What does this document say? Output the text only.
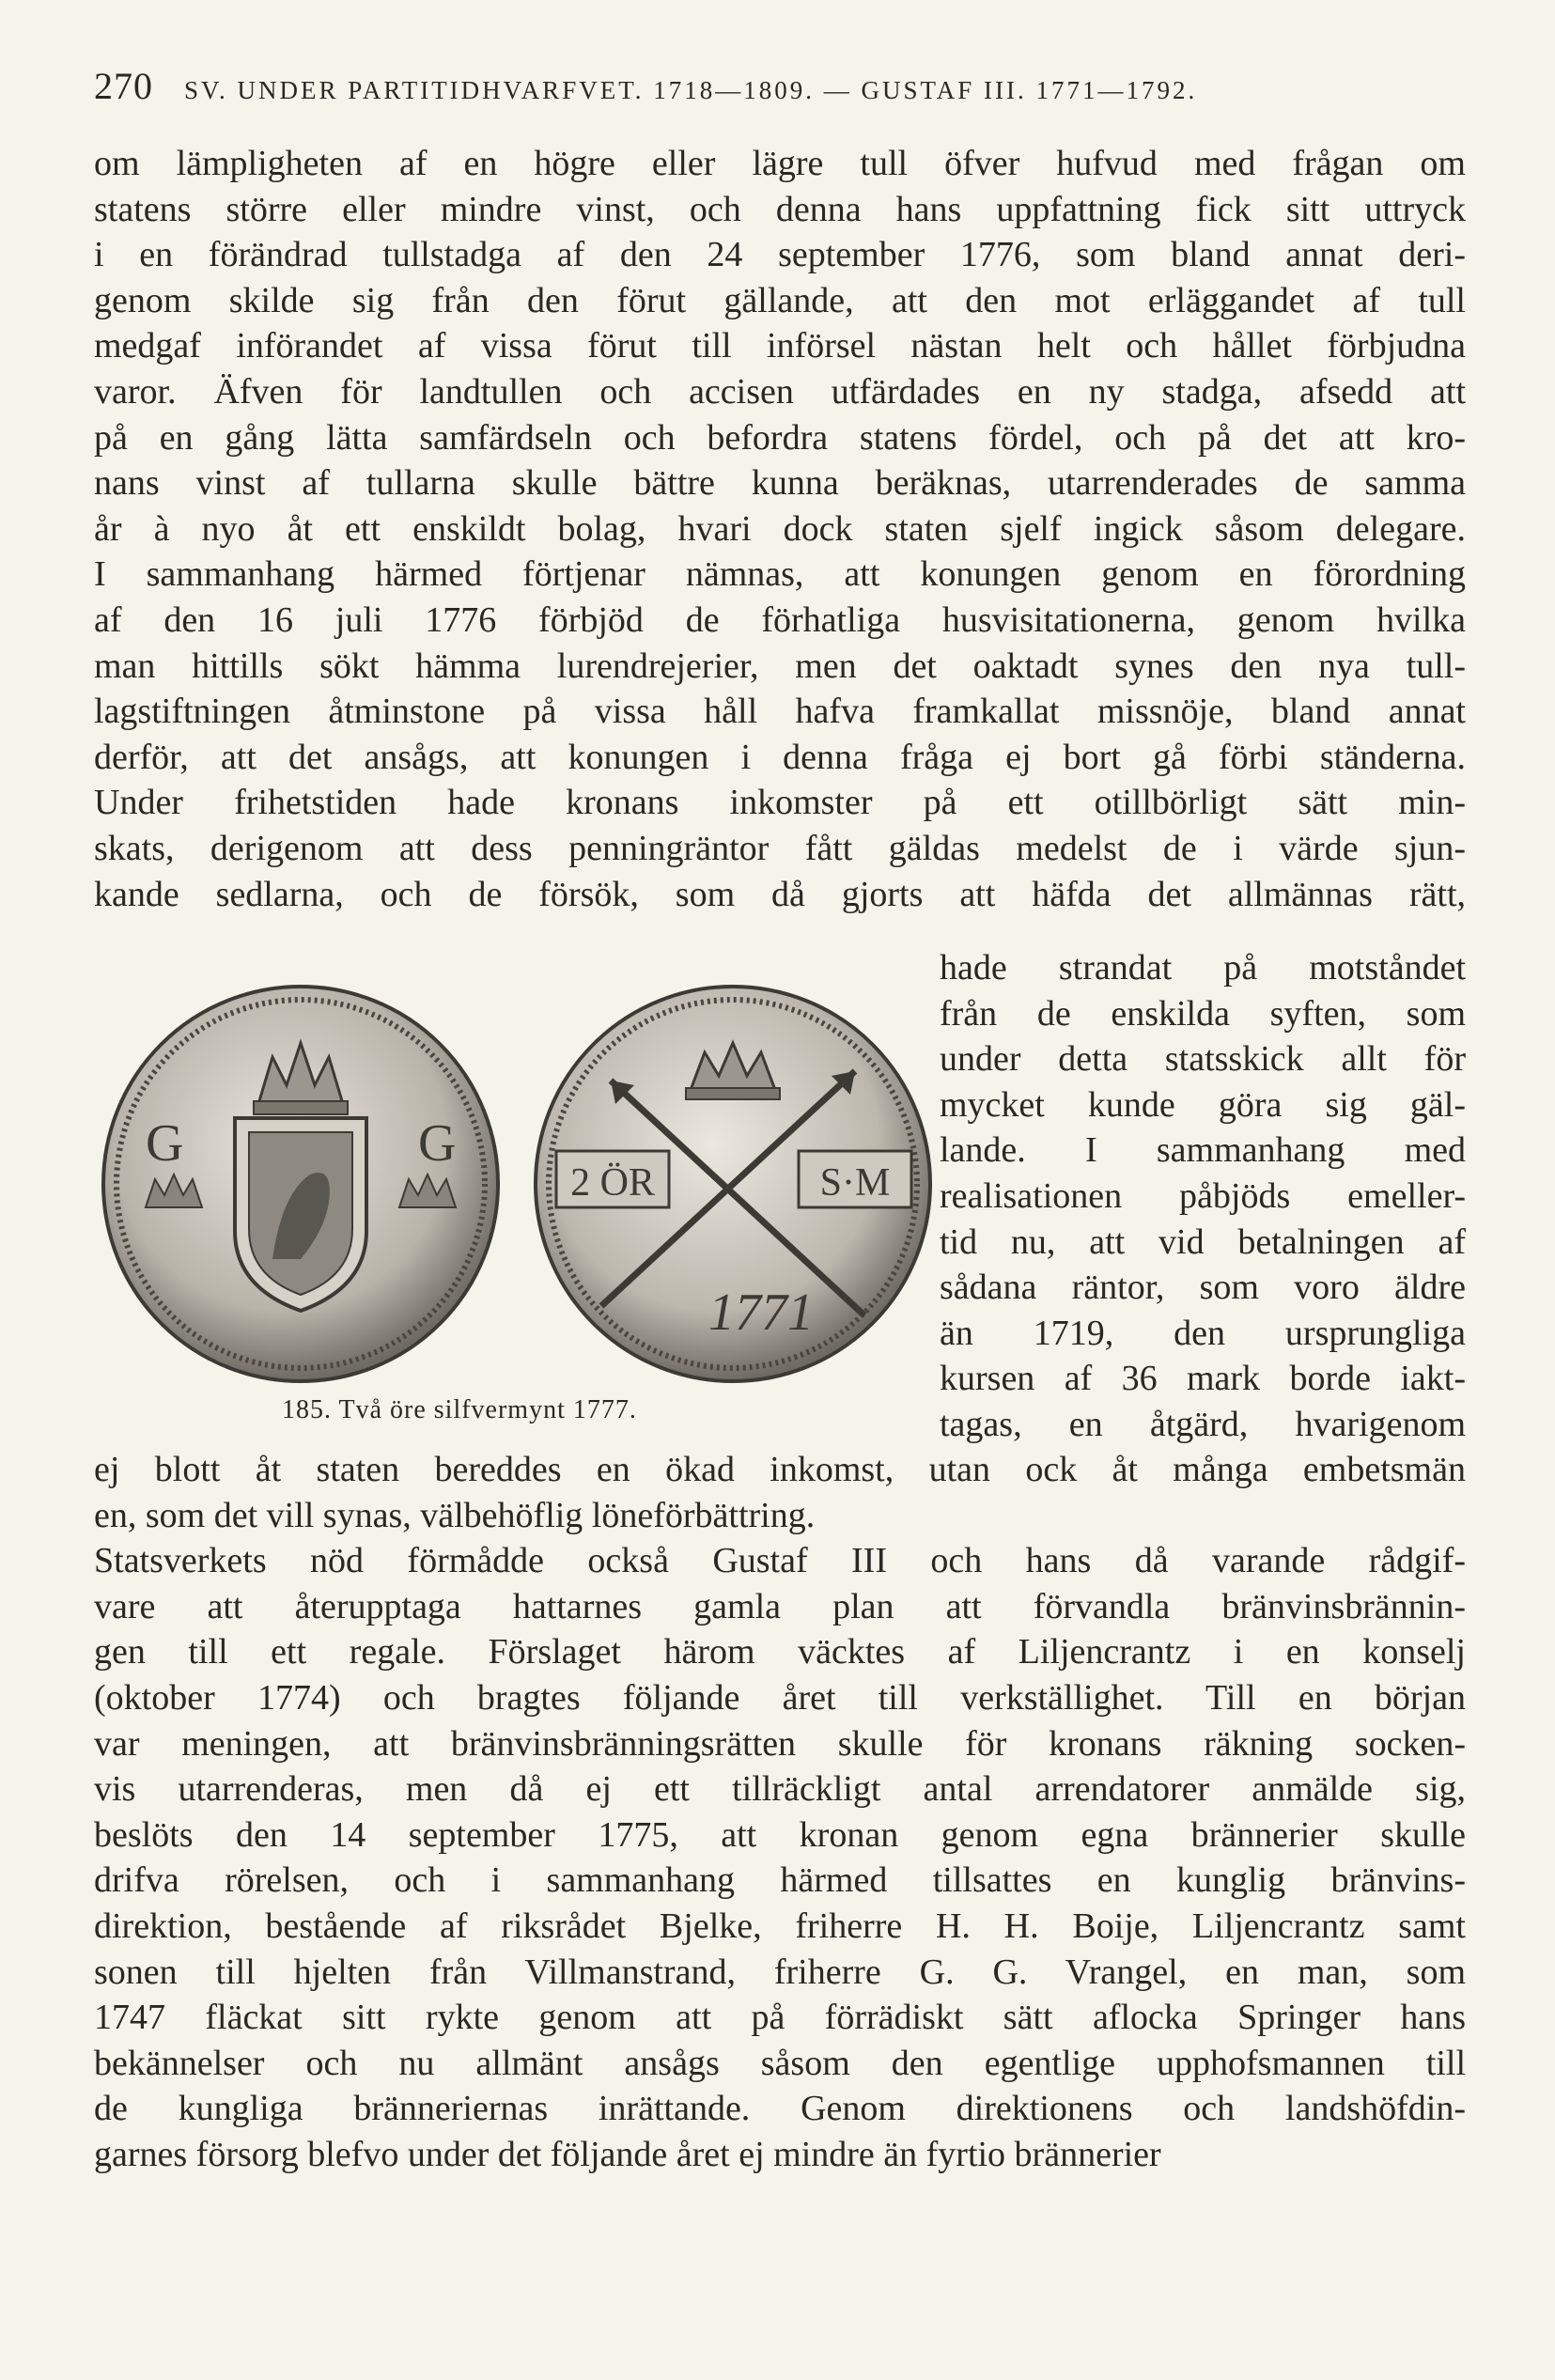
270 SV. UNDER PARTITIDHVARFVET. 1718—1809. — GUSTAF III. 1771—1792.
om lämpligheten af en högre eller lägre tull öfver hufvud med frågan om
statens större eller mindre vinst, och denna hans uppfattning fick sitt uttryck
i en förändrad tullstadga af den 24 september 1776, som bland annat deri-
genom skilde sig från den förut gällande, att den mot erläggandet af tull
medgaf införandet af vissa förut till införsel nästan helt och hållet förbjudna
varor. Äfven för landtullen och accisen utfärdades en ny stadga, afsedd att
på en gång lätta samfärdseln och befordra statens fördel, och på det att kro-
nans vinst af tullarna skulle bättre kunna beräknas, utarrenderades de samma
år à nyo åt ett enskildt bolag, hvari dock staten sjelf ingick såsom delegare.
I sammanhang härmed förtjenar nämnas, att konungen genom en förordning
af den 16 juli 1776 förbjöd de förhatliga husvisitationerna, genom hvilka
man hittills sökt hämma lurendrejerier, men det oaktadt synes den nya tull-
lagstiftningen åtminstone på vissa håll hafva framkallat missnöje, bland annat
derför, att det ansågs, att konungen i denna fråga ej bort gå förbi ständerna.
Under frihetstiden hade kronans inkomster på ett otillbörligt sätt min-
skats, derigenom att dess penningräntor fått gäldas medelst de i värde sjun-
kande sedlarna, och de försök, som då gjorts att häfda det allmännas rätt,
hade strandat på motståndet
från de enskilda syften, som
under detta statsskick allt för
mycket kunde göra sig gäl-
lande. I sammanhang med
realisationen påbjöds emeller-
tid nu, att vid betalningen af
sådana räntor, som voro äldre
än 1719, den ursprungliga
kursen af 36 mark borde iakt-
tagas, en åtgärd, hvarigenom
ej blott åt staten bereddes en ökad inkomst, utan ock åt många embetsmän
en, som det vill synas, välbehöflig löneförbättring.
Statsverkets nöd förmådde också Gustaf III och hans då varande rådgif-
vare att återupptaga hattarnes gamla plan att förvandla bränvinsbrännin-
gen till ett regale. Förslaget härom väcktes af Liljencrantz i en konselj
(oktober 1774) och bragtes följande året till verkställighet. Till en början
var meningen, att bränvinsbränningsrätten skulle för kronans räkning socken-
vis utarrenderas, men då ej ett tillräckligt antal arrendatorer anmälde sig,
beslöts den 14 september 1775, att kronan genom egna brännerier skulle
drifva rörelsen, och i sammanhang härmed tillsattes en kunglig bränvins-
direktion, bestående af riksrådet Bjelke, friherre H. H. Boije, Liljencrantz samt
sonen till hjelten från Villmanstrand, friherre G. G. Vrangel, en man, som
1747 fläckat sitt rykte genom att på förrädiskt sätt aflocka Springer hans
bekännelser och nu allmänt ansågs såsom den egentlige upphofsmannen till
de kungliga bränneriernas inrättande. Genom direktionens och landshöfdin-
garnes försorg blefvo under det följande året ej mindre än fyrtio brännerier
G	G
2 ÖR	S·M
1771
185. Två öre silfvermynt 1777.
